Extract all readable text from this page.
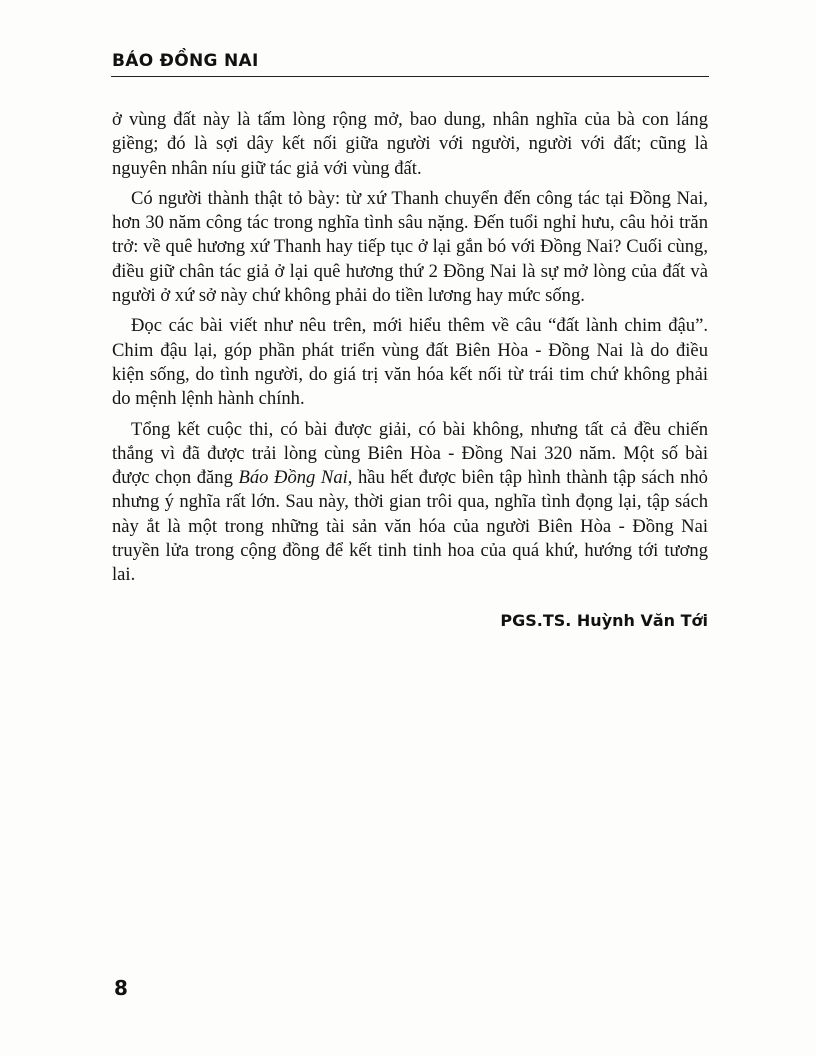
BÁO ĐỒNG NAI

ở vùng đất này là tấm lòng rộng mở, bao dung, nhân nghĩa của bà con láng giềng; đó là sợi dây kết nối giữa người với người, người với đất; cũng là nguyên nhân níu giữ tác giả với vùng đất.

Có người thành thật tỏ bày: từ xứ Thanh chuyển đến công tác tại Đồng Nai, hơn 30 năm công tác trong nghĩa tình sâu nặng. Đến tuổi nghỉ hưu, câu hỏi trăn trở: về quê hương xứ Thanh hay tiếp tục ở lại gắn bó với Đồng Nai? Cuối cùng, điều giữ chân tác giả ở lại quê hương thứ 2 Đồng Nai là sự mở lòng của đất và người ở xứ sở này chứ không phải do tiền lương hay mức sống.

Đọc các bài viết như nêu trên, mới hiểu thêm về câu “đất lành chim đậu”. Chim đậu lại, góp phần phát triển vùng đất Biên Hòa - Đồng Nai là do điều kiện sống, do tình người, do giá trị văn hóa kết nối từ trái tim chứ không phải do mệnh lệnh hành chính.

Tổng kết cuộc thi, có bài được giải, có bài không, nhưng tất cả đều chiến thắng vì đã được trải lòng cùng Biên Hòa - Đồng Nai 320 năm. Một số bài được chọn đăng Báo Đồng Nai, hầu hết được biên tập hình thành tập sách nhỏ nhưng ý nghĩa rất lớn. Sau này, thời gian trôi qua, nghĩa tình đọng lại, tập sách này ắt là một trong những tài sản văn hóa của người Biên Hòa - Đồng Nai truyền lửa trong cộng đồng để kết tinh tinh hoa của quá khứ, hướng tới tương lai.

PGS.TS. Huỳnh Văn Tới
8
